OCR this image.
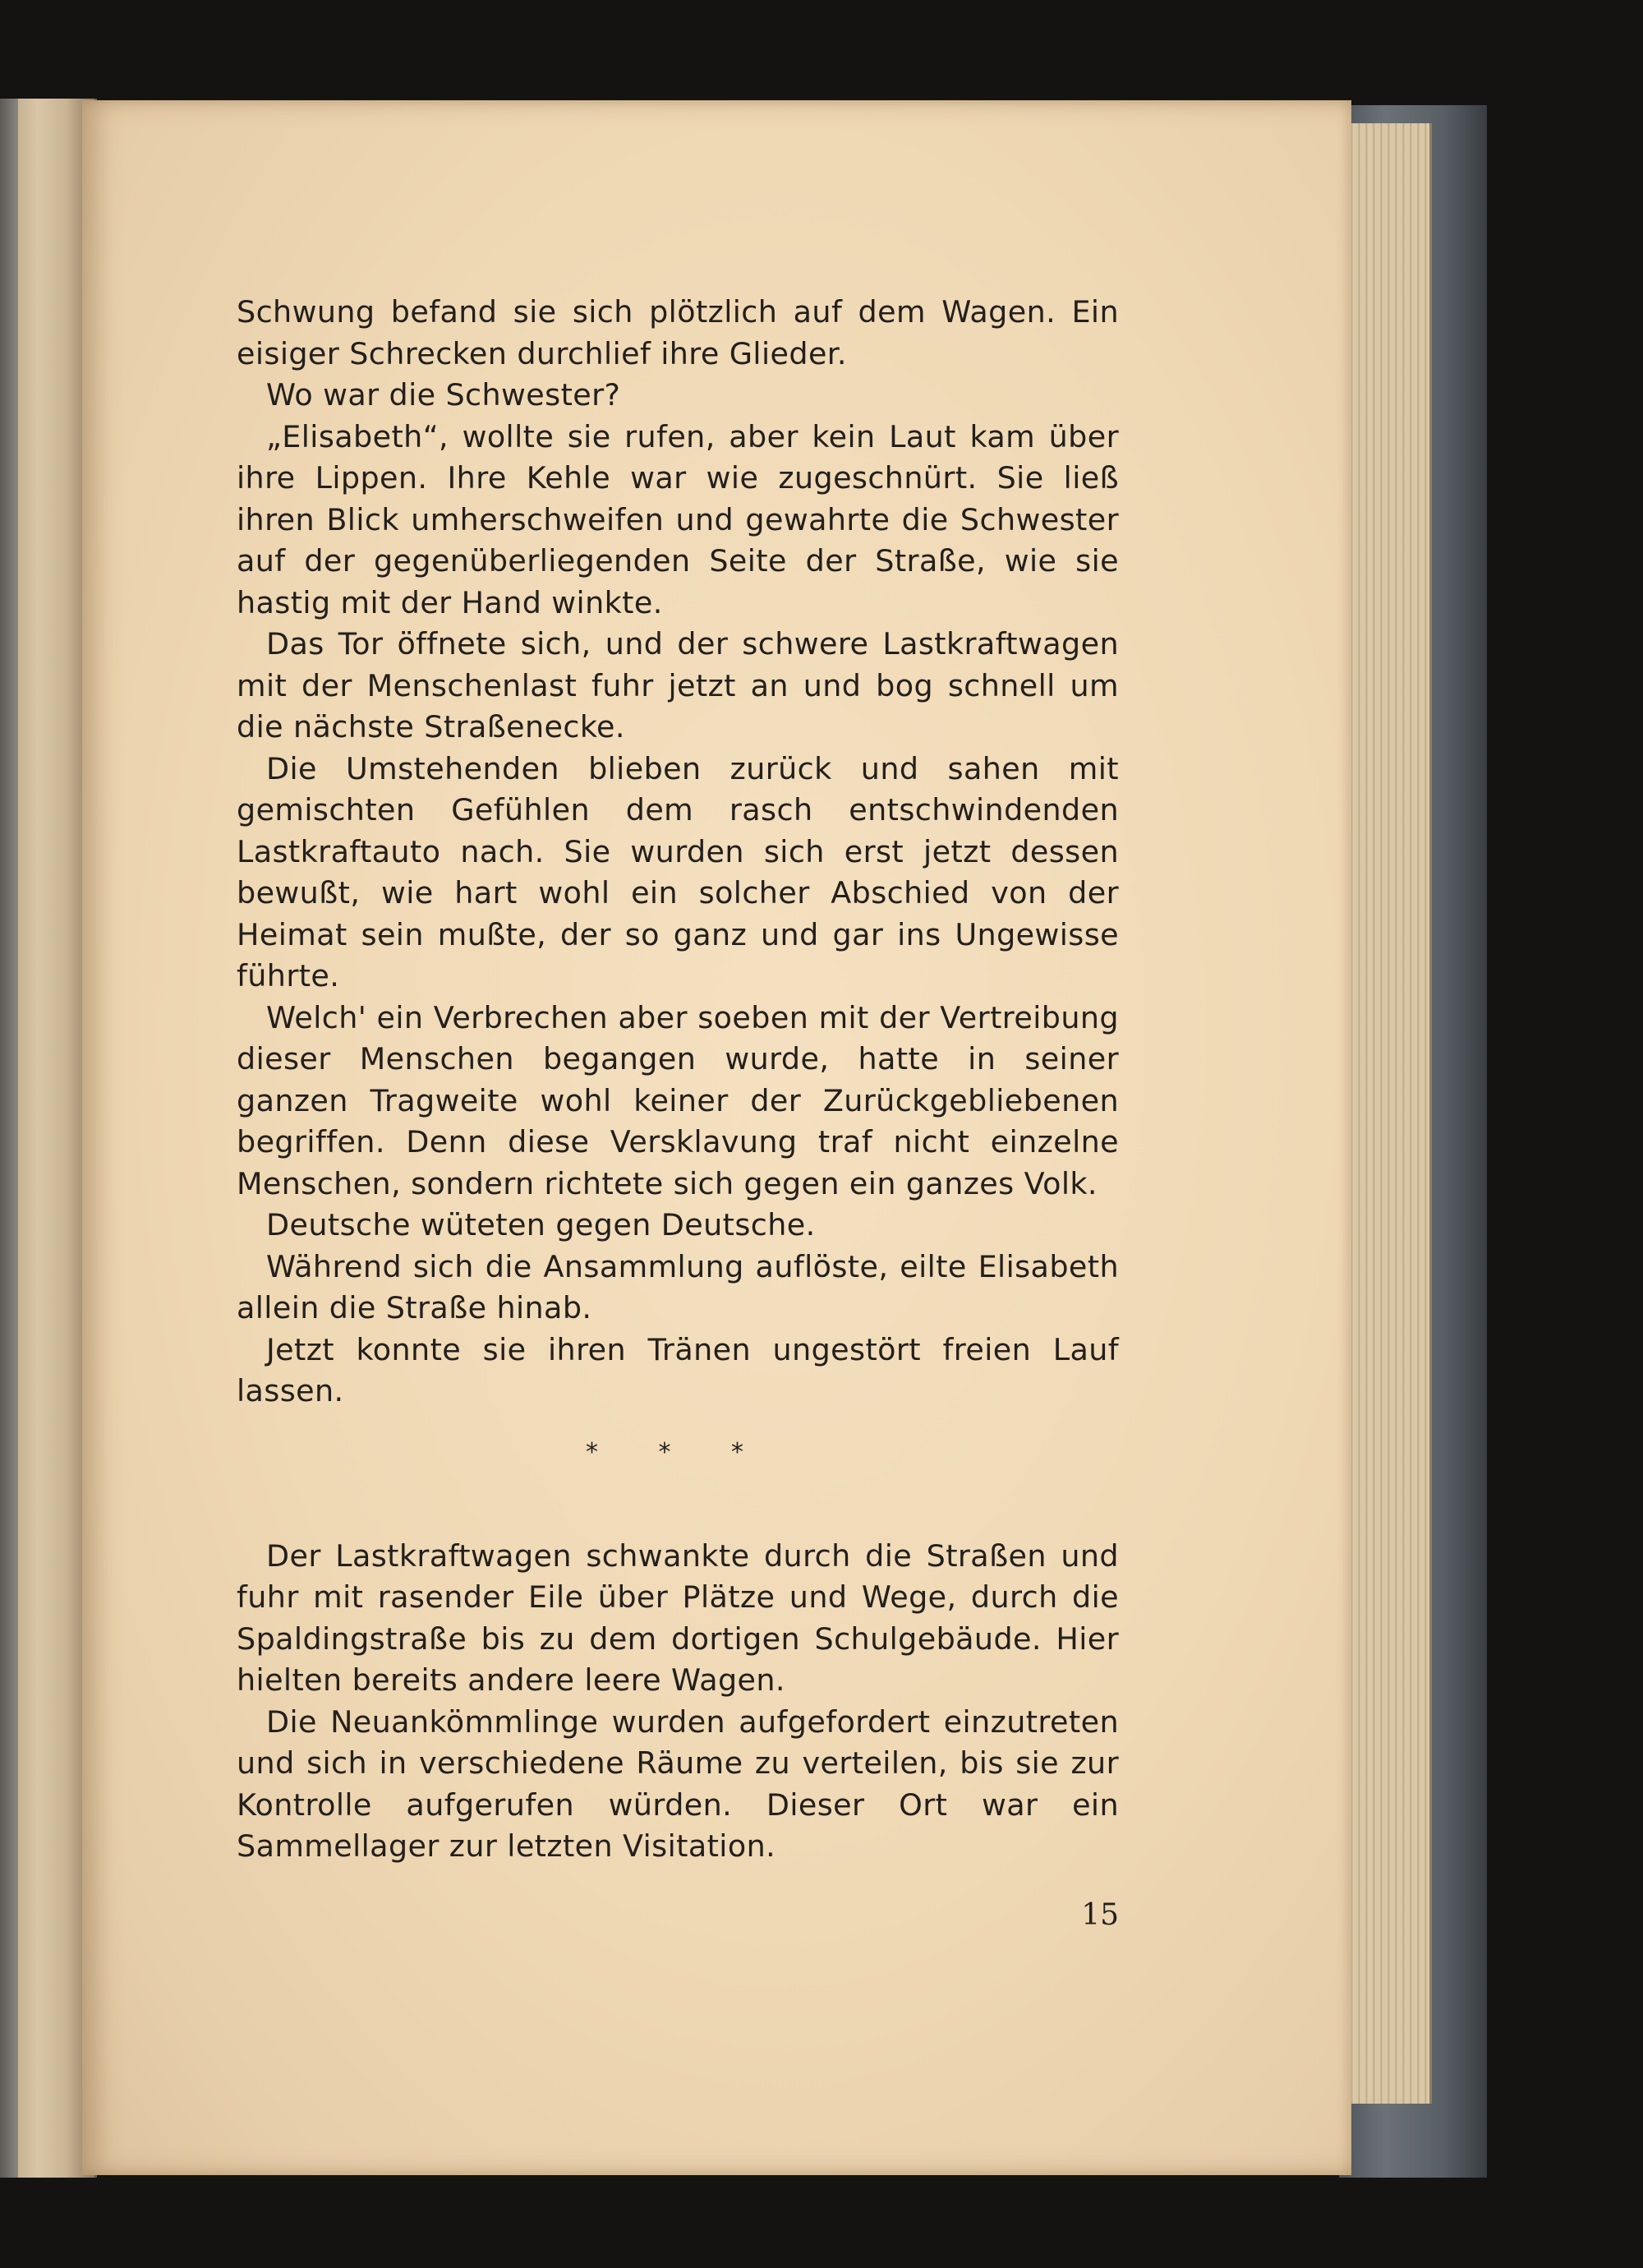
Schwung befand sie sich plötzlich auf dem Wagen. Ein eisiger Schrecken durchlief ihre Glieder.

Wo war die Schwester?

„Elisabeth“, wollte sie rufen, aber kein Laut kam über ihre Lippen. Ihre Kehle war wie zugeschnürt. Sie ließ ihren Blick umherschweifen und gewahrte die Schwester auf der gegenüberliegenden Seite der Straße, wie sie hastig mit der Hand winkte.

Das Tor öffnete sich, und der schwere Lastkraftwagen mit der Menschenlast fuhr jetzt an und bog schnell um die nächste Straßenecke.

Die Umstehenden blieben zurück und sahen mit gemischten Gefühlen dem rasch entschwindenden Lastkraftauto nach. Sie wurden sich erst jetzt dessen bewußt, wie hart wohl ein solcher Abschied von der Heimat sein mußte, der so ganz und gar ins Ungewisse führte.

Welch' ein Verbrechen aber soeben mit der Vertreibung dieser Menschen begangen wurde, hatte in seiner ganzen Tragweite wohl keiner der Zurückgebliebenen begriffen. Denn diese Versklavung traf nicht einzelne Menschen, sondern richtete sich gegen ein ganzes Volk.

Deutsche wüteten gegen Deutsche.

Während sich die Ansammlung auflöste, eilte Elisabeth allein die Straße hinab.

Jetzt konnte sie ihren Tränen ungestört freien Lauf lassen.

* * *

Der Lastkraftwagen schwankte durch die Straßen und fuhr mit rasender Eile über Plätze und Wege, durch die Spaldingstraße bis zu dem dortigen Schulgebäude. Hier hielten bereits andere leere Wagen.

Die Neuankömmlinge wurden aufgefordert einzutreten und sich in verschiedene Räume zu verteilen, bis sie zur Kontrolle aufgerufen würden. Dieser Ort war ein Sammellager zur letzten Visitation.

15
